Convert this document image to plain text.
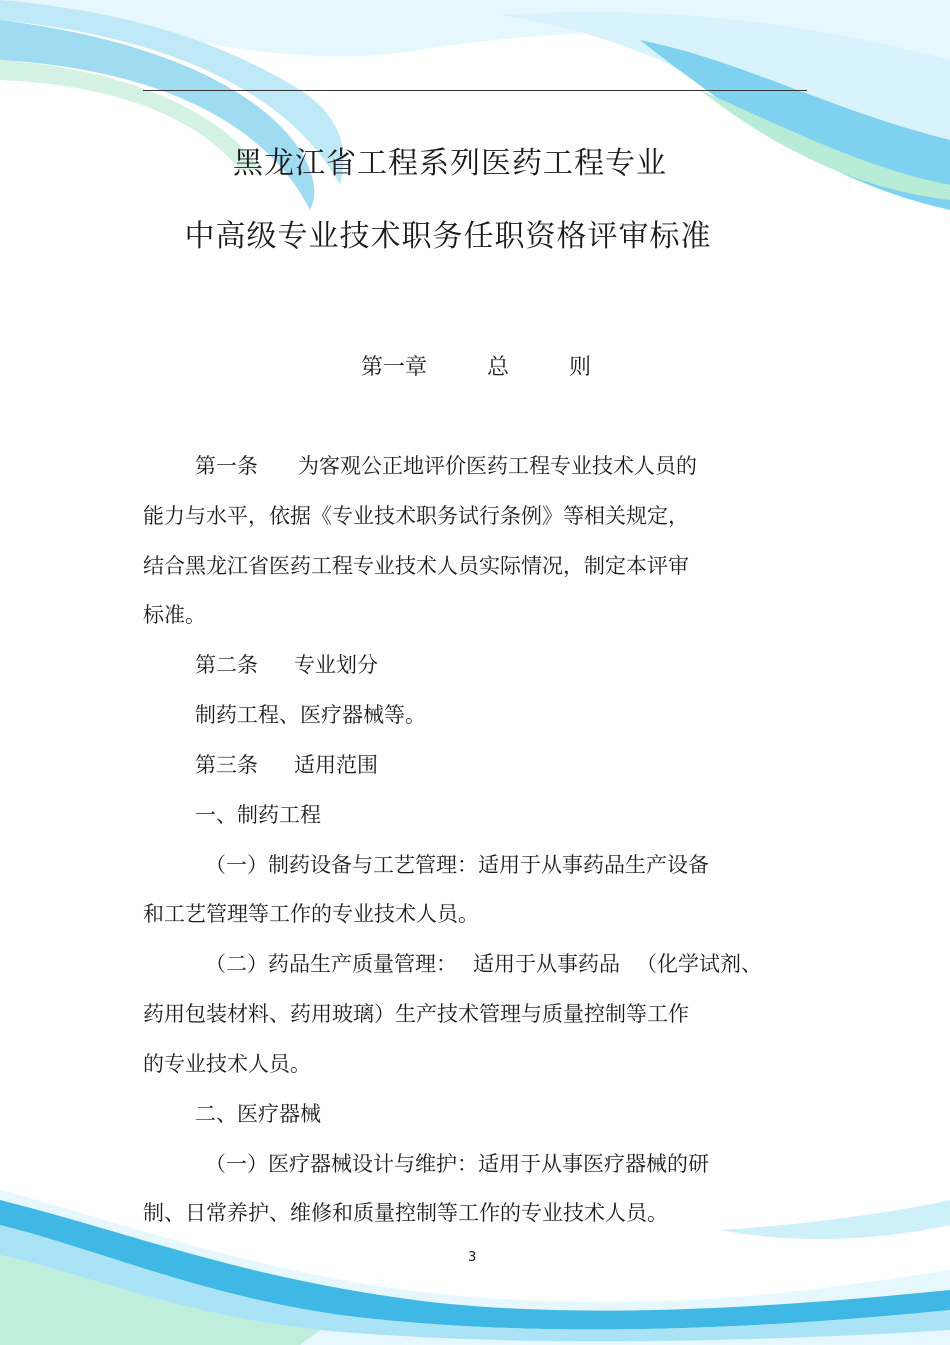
黑龙江省工程系列医药工程专业
中高级专业技术职务任职资格评审标准
第一章	总	则
第一条 为客观公正地评价医药工程专业技术人员的
能力与水平，依据《专业技术职务试行条例》等相关规定，
结合黑龙江省医药工程专业技术人员实际情况，制定本评审
标准。
第二条 专业划分
制药工程、医疗器械等。
第三条 适用范围
一、制药工程
（一）制药设备与工艺管理：适用于从事药品生产设备
和工艺管理等工作的专业技术人员。
（二）药品生产质量管理： 适用于从事药品 （化学试剂、
药用包装材料、药用玻璃）生产技术管理与质量控制等工作
的专业技术人员。
二、医疗器械
（一）医疗器械设计与维护：适用于从事医疗器械的研
制、日常养护、维修和质量控制等工作的专业技术人员。
3
